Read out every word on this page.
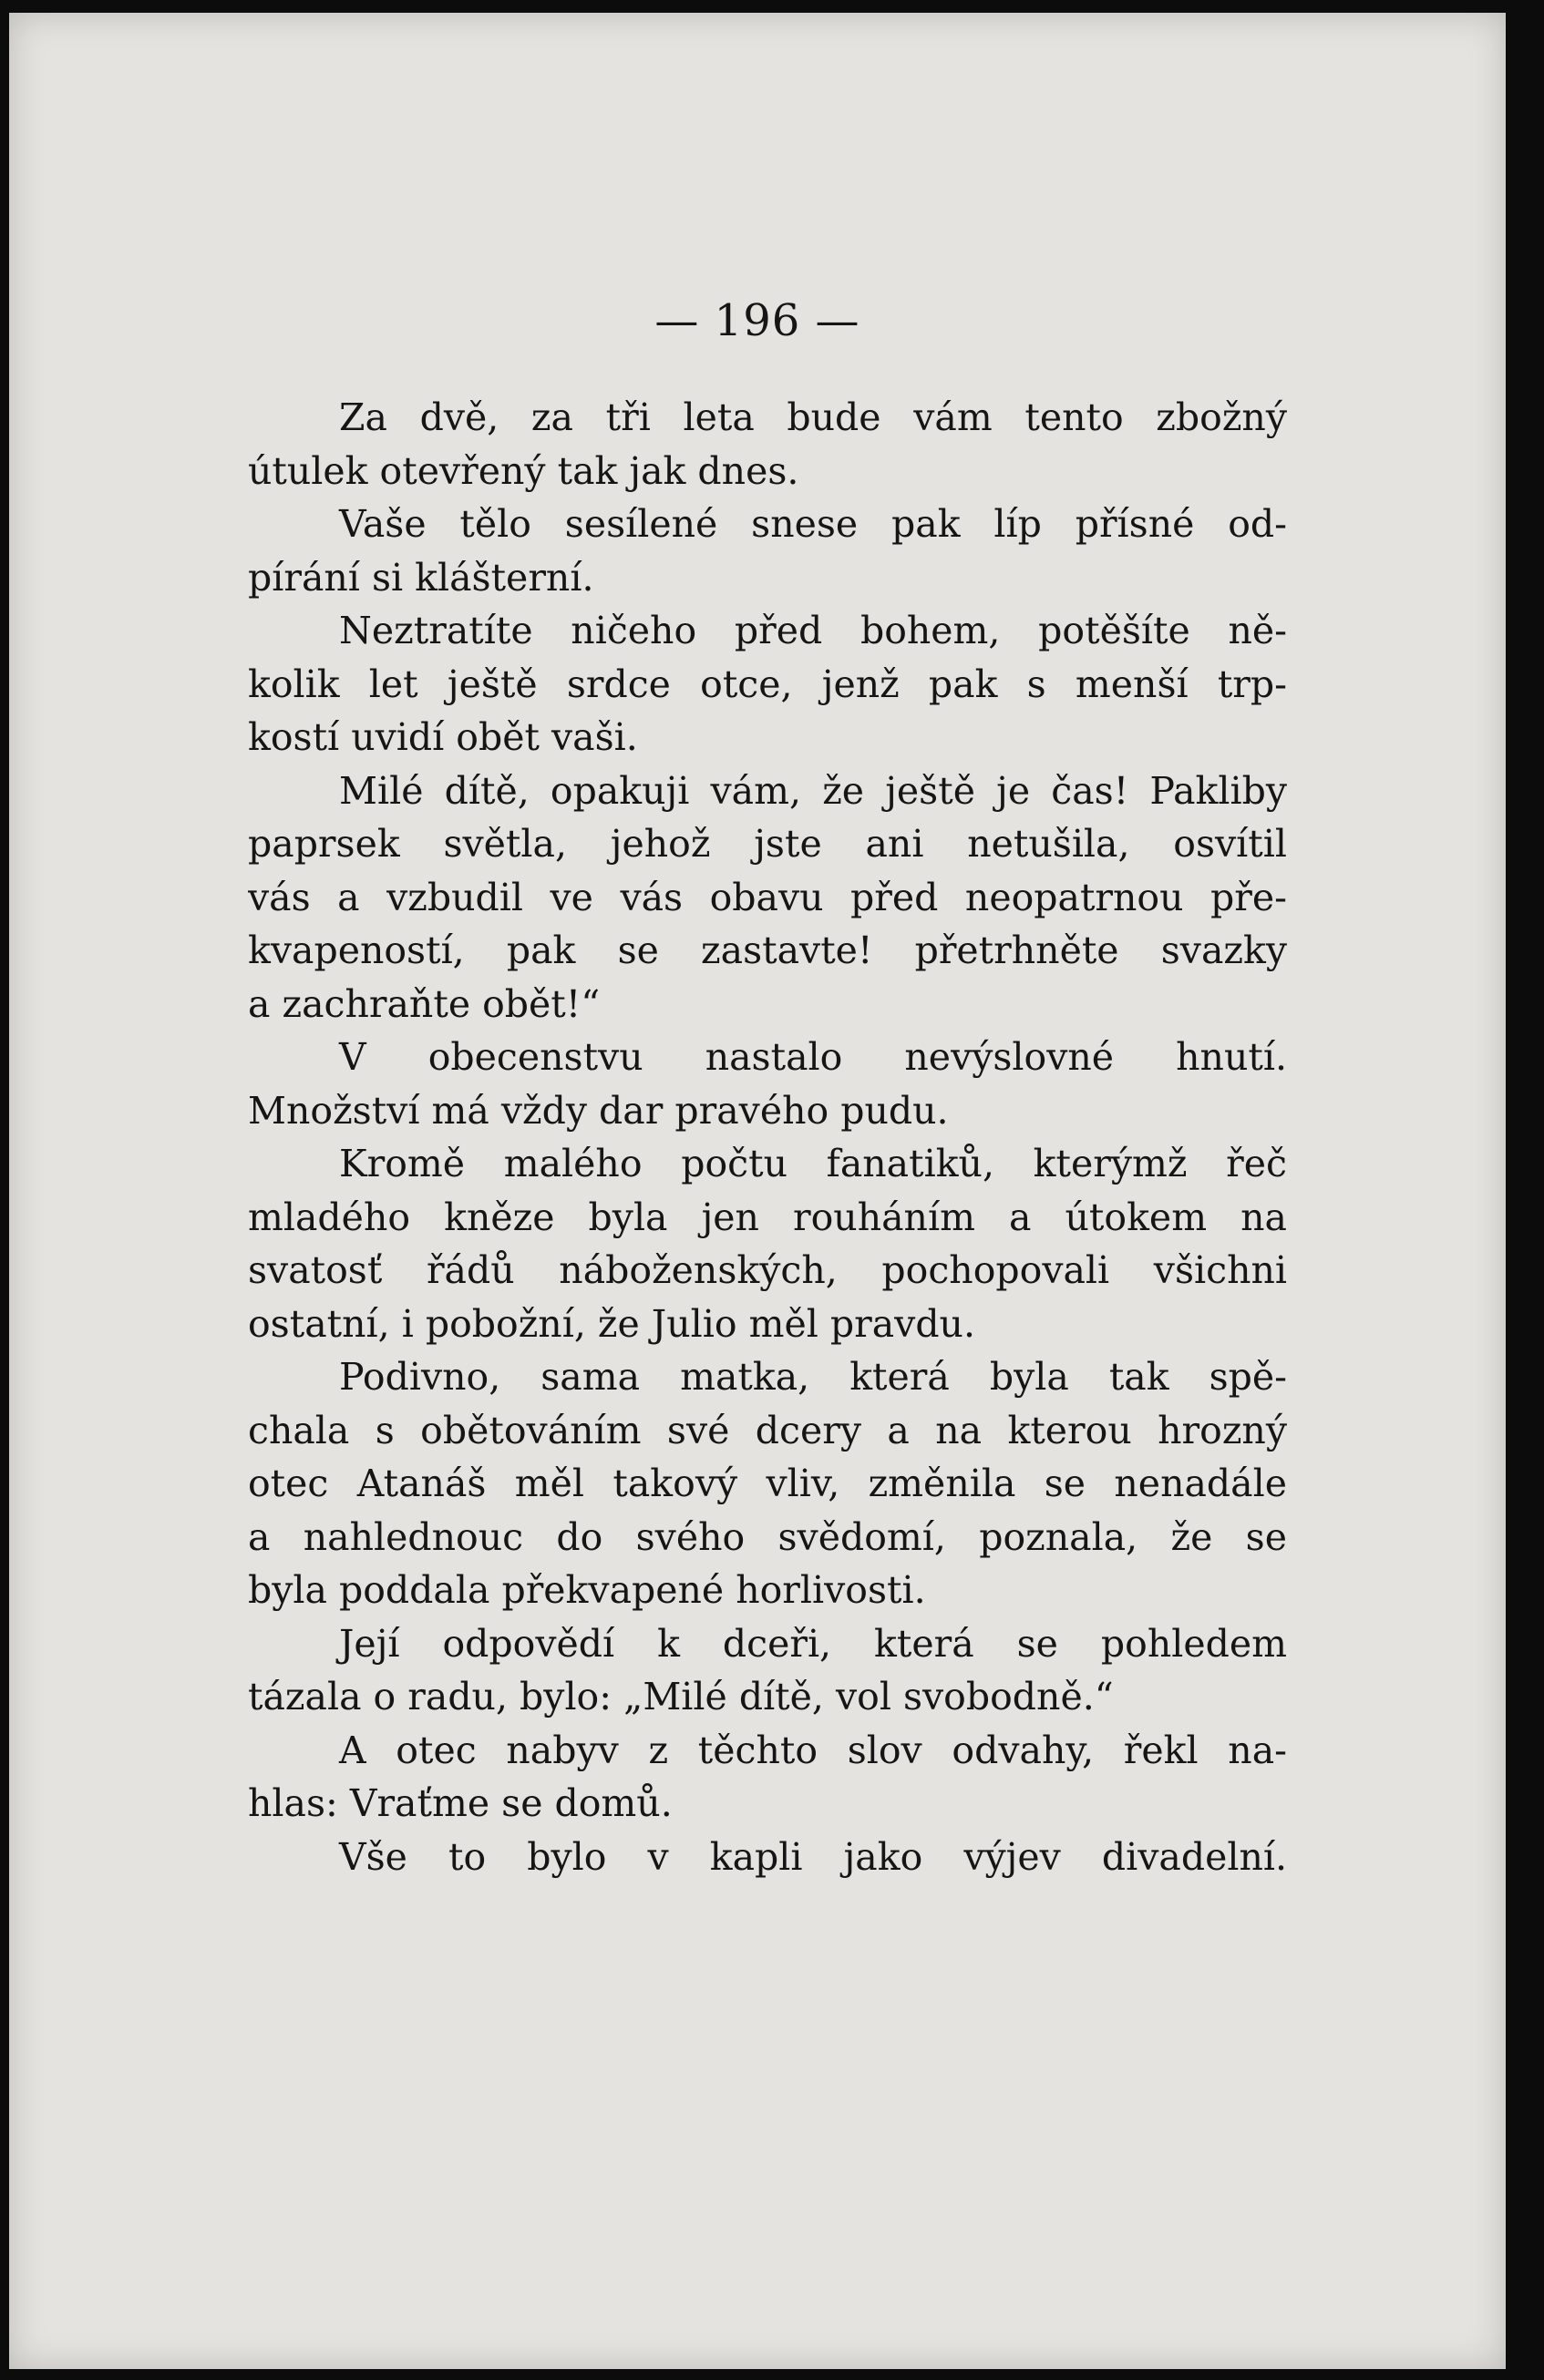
— 196 —
Za dvě, za tři leta bude vám tento zbožný
útulek otevřený tak jak dnes.
Vaše tělo sesílené snese pak líp přísné od-
pírání si klášterní.
Neztratíte ničeho před bohem, potěšíte ně-
kolik let ještě srdce otce, jenž pak s menší trp-
kostí uvidí obět vaši.
Milé dítě, opakuji vám, že ještě je čas! Pakliby
paprsek světla, jehož jste ani netušila, osvítil
vás a vzbudil ve vás obavu před neopatrnou pře-
kvapeností, pak se zastavte! přetrhněte svazky
a zachraňte obět!“
V obecenstvu nastalo nevýslovné hnutí.
Množství má vždy dar pravého pudu.
Kromě malého počtu fanatiků, kterýmž řeč
mladého kněze byla jen rouháním a útokem na
svatosť řádů náboženských, pochopovali všichni
ostatní, i pobožní, že Julio měl pravdu.
Podivno, sama matka, která byla tak spě-
chala s obětováním své dcery a na kterou hrozný
otec Atanáš měl takový vliv, změnila se nenadále
a nahlednouc do svého svědomí, poznala, že se
byla poddala překvapené horlivosti.
Její odpovědí k dceři, která se pohledem
tázala o radu, bylo: „Milé dítě, vol svobodně.“
A otec nabyv z těchto slov odvahy, řekl na-
hlas: Vraťme se domů.
Vše to bylo v kapli jako výjev divadelní.
